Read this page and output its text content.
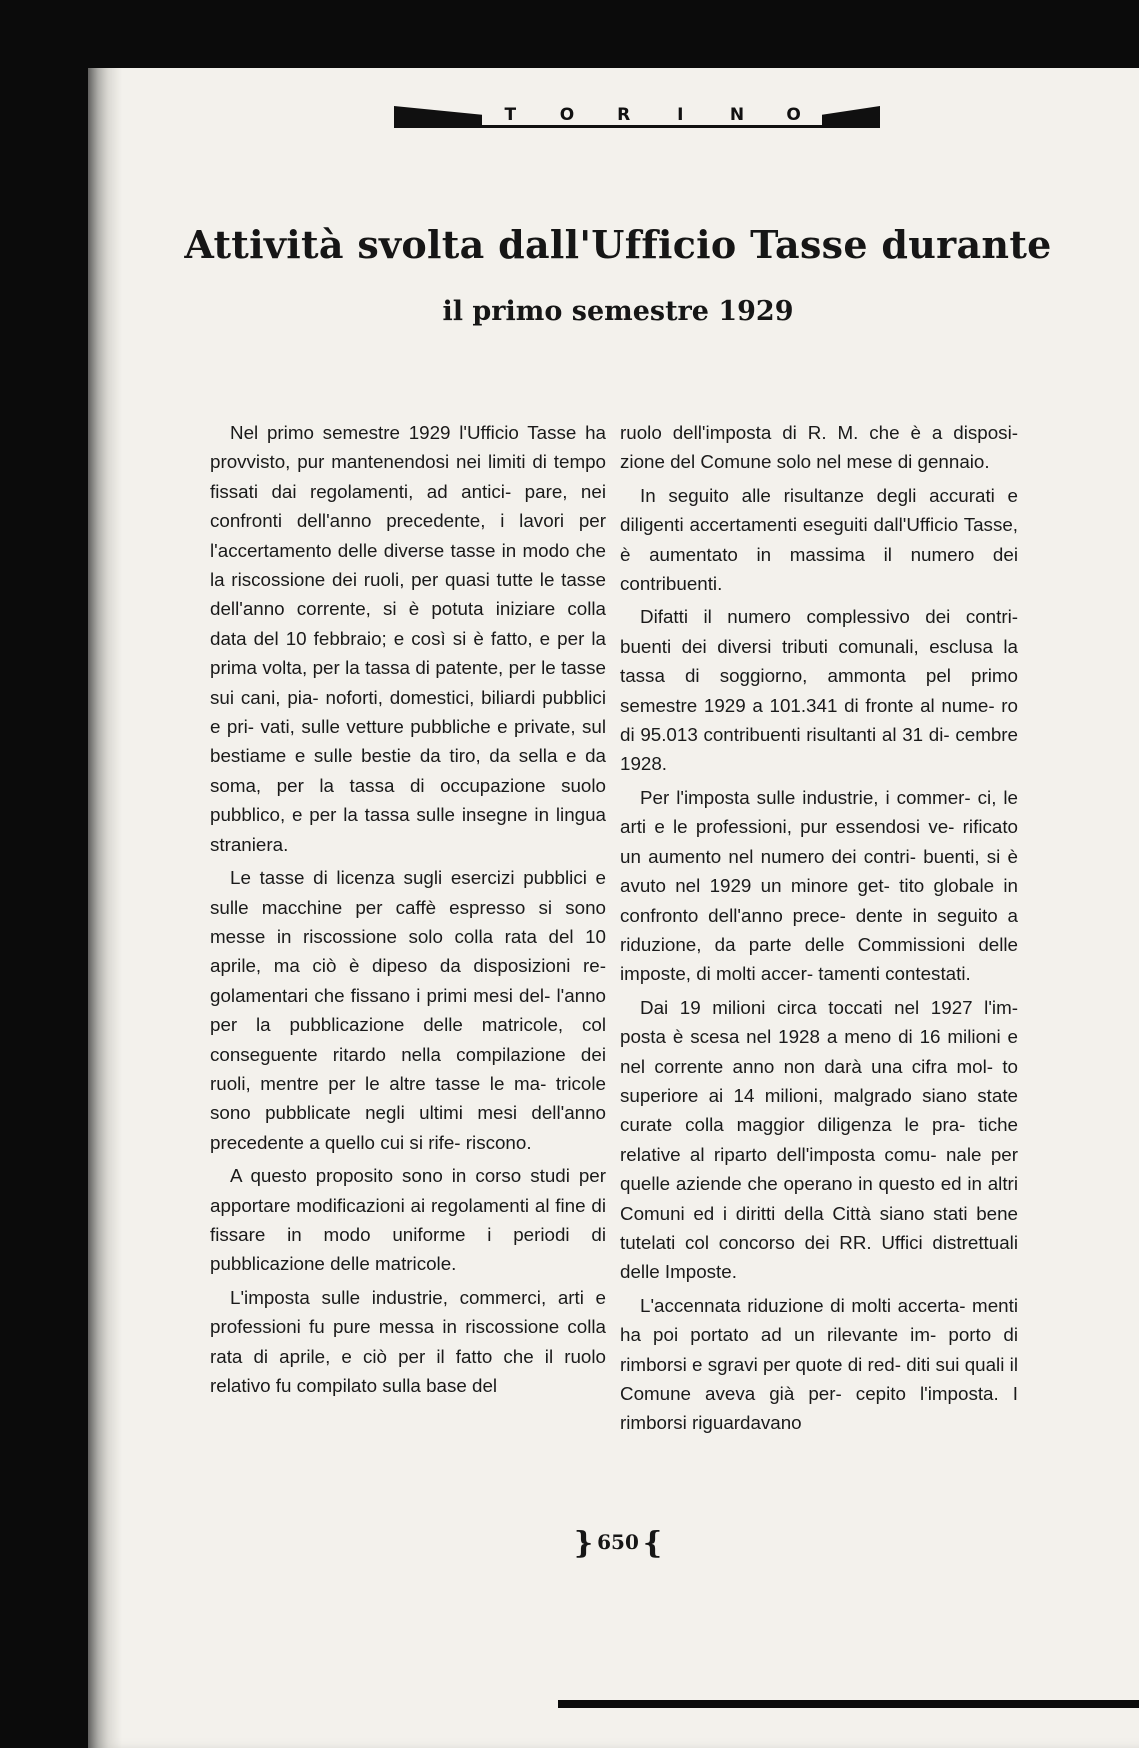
T	O	R	I	N O
Attività svolta dall'Ufficio Tasse durante
il primo semestre 1929

Nel primo semestre 1929 l'Ufficio Tasse ha provvisto, pur mantenendosi nei limiti di tempo fissati dai regolamenti, ad antici- pare, nei confronti dell'anno precedente, i lavori per l'accertamento delle diverse tasse in modo che la riscossione dei ruoli, per quasi tutte le tasse dell'anno corrente, si è potuta iniziare colla data del 10 febbraio; e così si è fatto, e per la prima volta, per la tassa di patente, per le tasse sui cani, pia- noforti, domestici, biliardi pubblici e pri- vati, sulle vetture pubbliche e private, sul bestiame e sulle bestie da tiro, da sella e da soma, per la tassa di occupazione suolo pubblico, e per la tassa sulle insegne in lingua straniera.

Le tasse di licenza sugli esercizi pubblici e sulle macchine per caffè espresso si sono messe in riscossione solo colla rata del 10 aprile, ma ciò è dipeso da disposizioni re- golamentari che fissano i primi mesi del- l'anno per la pubblicazione delle matricole, col conseguente ritardo nella compilazione dei ruoli, mentre per le altre tasse le ma- tricole sono pubblicate negli ultimi mesi dell'anno precedente a quello cui si rife- riscono.

A questo proposito sono in corso studi per apportare modificazioni ai regolamenti al fine di fissare in modo uniforme i periodi di pubblicazione delle matricole.

L'imposta sulle industrie, commerci, arti e professioni fu pure messa in riscossione colla rata di aprile, e ciò per il fatto che il ruolo relativo fu compilato sulla base del

ruolo dell'imposta di R. M. che è a disposi- zione del Comune solo nel mese di gennaio.

In seguito alle risultanze degli accurati e diligenti accertamenti eseguiti dall'Ufficio Tasse, è aumentato in massima il numero dei contribuenti.

Difatti il numero complessivo dei contri- buenti dei diversi tributi comunali, esclusa la tassa di soggiorno, ammonta pel primo semestre 1929 a 101.341 di fronte al nume- ro di 95.013 contribuenti risultanti al 31 di- cembre 1928.

Per l'imposta sulle industrie, i commer- ci, le arti e le professioni, pur essendosi ve- rificato un aumento nel numero dei contri- buenti, si è avuto nel 1929 un minore get- tito globale in confronto dell'anno prece- dente in seguito a riduzione, da parte delle Commissioni delle imposte, di molti accer- tamenti contestati.

Dai 19 milioni circa toccati nel 1927 l'im- posta è scesa nel 1928 a meno di 16 milioni e nel corrente anno non darà una cifra mol- to superiore ai 14 milioni, malgrado siano state curate colla maggior diligenza le pra- tiche relative al riparto dell'imposta comu- nale per quelle aziende che operano in questo ed in altri Comuni ed i diritti della Città siano stati bene tutelati col concorso dei RR. Uffici distrettuali delle Imposte.

L'accennata riduzione di molti accerta- menti ha poi portato ad un rilevante im- porto di rimborsi e sgravi per quote di red- diti sui quali il Comune aveva già per- cepito l'imposta. I rimborsi riguardavano

} 650 {
